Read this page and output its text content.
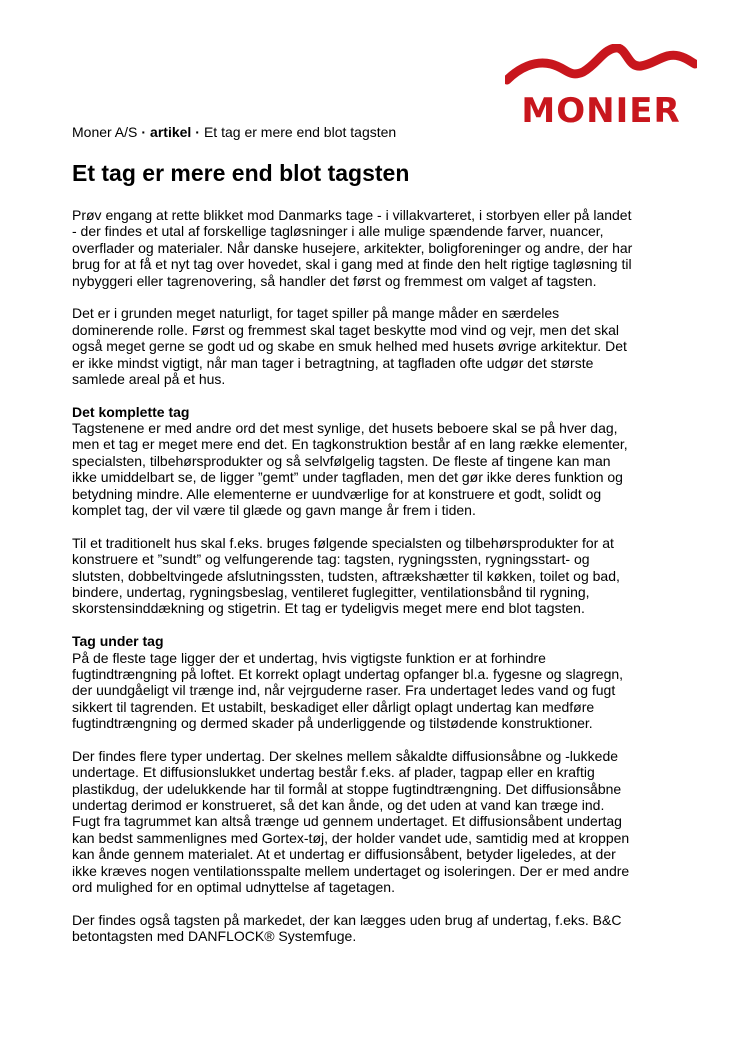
MONIER
Moner A/S · artikel · Et tag er mere end blot tagsten
Et tag er mere end blot tagsten
Prøv engang at rette blikket mod Danmarks tage - i villakvarteret, i storbyen eller på landet
- der findes et utal af forskellige tagløsninger i alle mulige spændende farver, nuancer,
overflader og materialer. Når danske husejere, arkitekter, boligforeninger og andre, der har
brug for at få et nyt tag over hovedet, skal i gang med at finde den helt rigtige tagløsning til
nybyggeri eller tagrenovering, så handler det først og fremmest om valget af tagsten.
Det er i grunden meget naturligt, for taget spiller på mange måder en særdeles
dominerende rolle. Først og fremmest skal taget beskytte mod vind og vejr, men det skal
også meget gerne se godt ud og skabe en smuk helhed med husets øvrige arkitektur. Det
er ikke mindst vigtigt, når man tager i betragtning, at tagfladen ofte udgør det største
samlede areal på et hus.
Det komplette tag
Tagstenene er med andre ord det mest synlige, det husets beboere skal se på hver dag,
men et tag er meget mere end det. En tagkonstruktion består af en lang række elementer,
specialsten, tilbehørsprodukter og så selvfølgelig tagsten. De fleste af tingene kan man
ikke umiddelbart se, de ligger ”gemt” under tagfladen, men det gør ikke deres funktion og
betydning mindre. Alle elementerne er uundværlige for at konstruere et godt, solidt og
komplet tag, der vil være til glæde og gavn mange år frem i tiden.
Til et traditionelt hus skal f.eks. bruges følgende specialsten og tilbehørsprodukter for at
konstruere et ”sundt” og velfungerende tag: tagsten, rygningssten, rygningsstart- og
slutsten, dobbeltvingede afslutningssten, tudsten, aftrækshætter til køkken, toilet og bad,
bindere, undertag, rygningsbeslag, ventileret fuglegitter, ventilationsbånd til rygning,
skorstensinddækning og stigetrin. Et tag er tydeligvis meget mere end blot tagsten.
Tag under tag
På de fleste tage ligger der et undertag, hvis vigtigste funktion er at forhindre
fugtindtrængning på loftet. Et korrekt oplagt undertag opfanger bl.a. fygesne og slagregn,
der uundgåeligt vil trænge ind, når vejrguderne raser. Fra undertaget ledes vand og fugt
sikkert til tagrenden. Et ustabilt, beskadiget eller dårligt oplagt undertag kan medføre
fugtindtrængning og dermed skader på underliggende og tilstødende konstruktioner.
Der findes flere typer undertag. Der skelnes mellem såkaldte diffusionsåbne og -lukkede
undertage. Et diffusionslukket undertag består f.eks. af plader, tagpap eller en kraftig
plastikdug, der udelukkende har til formål at stoppe fugtindtrængning. Det diffusionsåbne
undertag derimod er konstrueret, så det kan ånde, og det uden at vand kan træge ind.
Fugt fra tagrummet kan altså trænge ud gennem undertaget. Et diffusionsåbent undertag
kan bedst sammenlignes med Gortex-tøj, der holder vandet ude, samtidig med at kroppen
kan ånde gennem materialet. At et undertag er diffusionsåbent, betyder ligeledes, at der
ikke kræves nogen ventilationsspalte mellem undertaget og isoleringen. Der er med andre
ord mulighed for en optimal udnyttelse af tagetagen.
Der findes også tagsten på markedet, der kan lægges uden brug af undertag, f.eks. B&C
betontagsten med DANFLOCK® Systemfuge.
